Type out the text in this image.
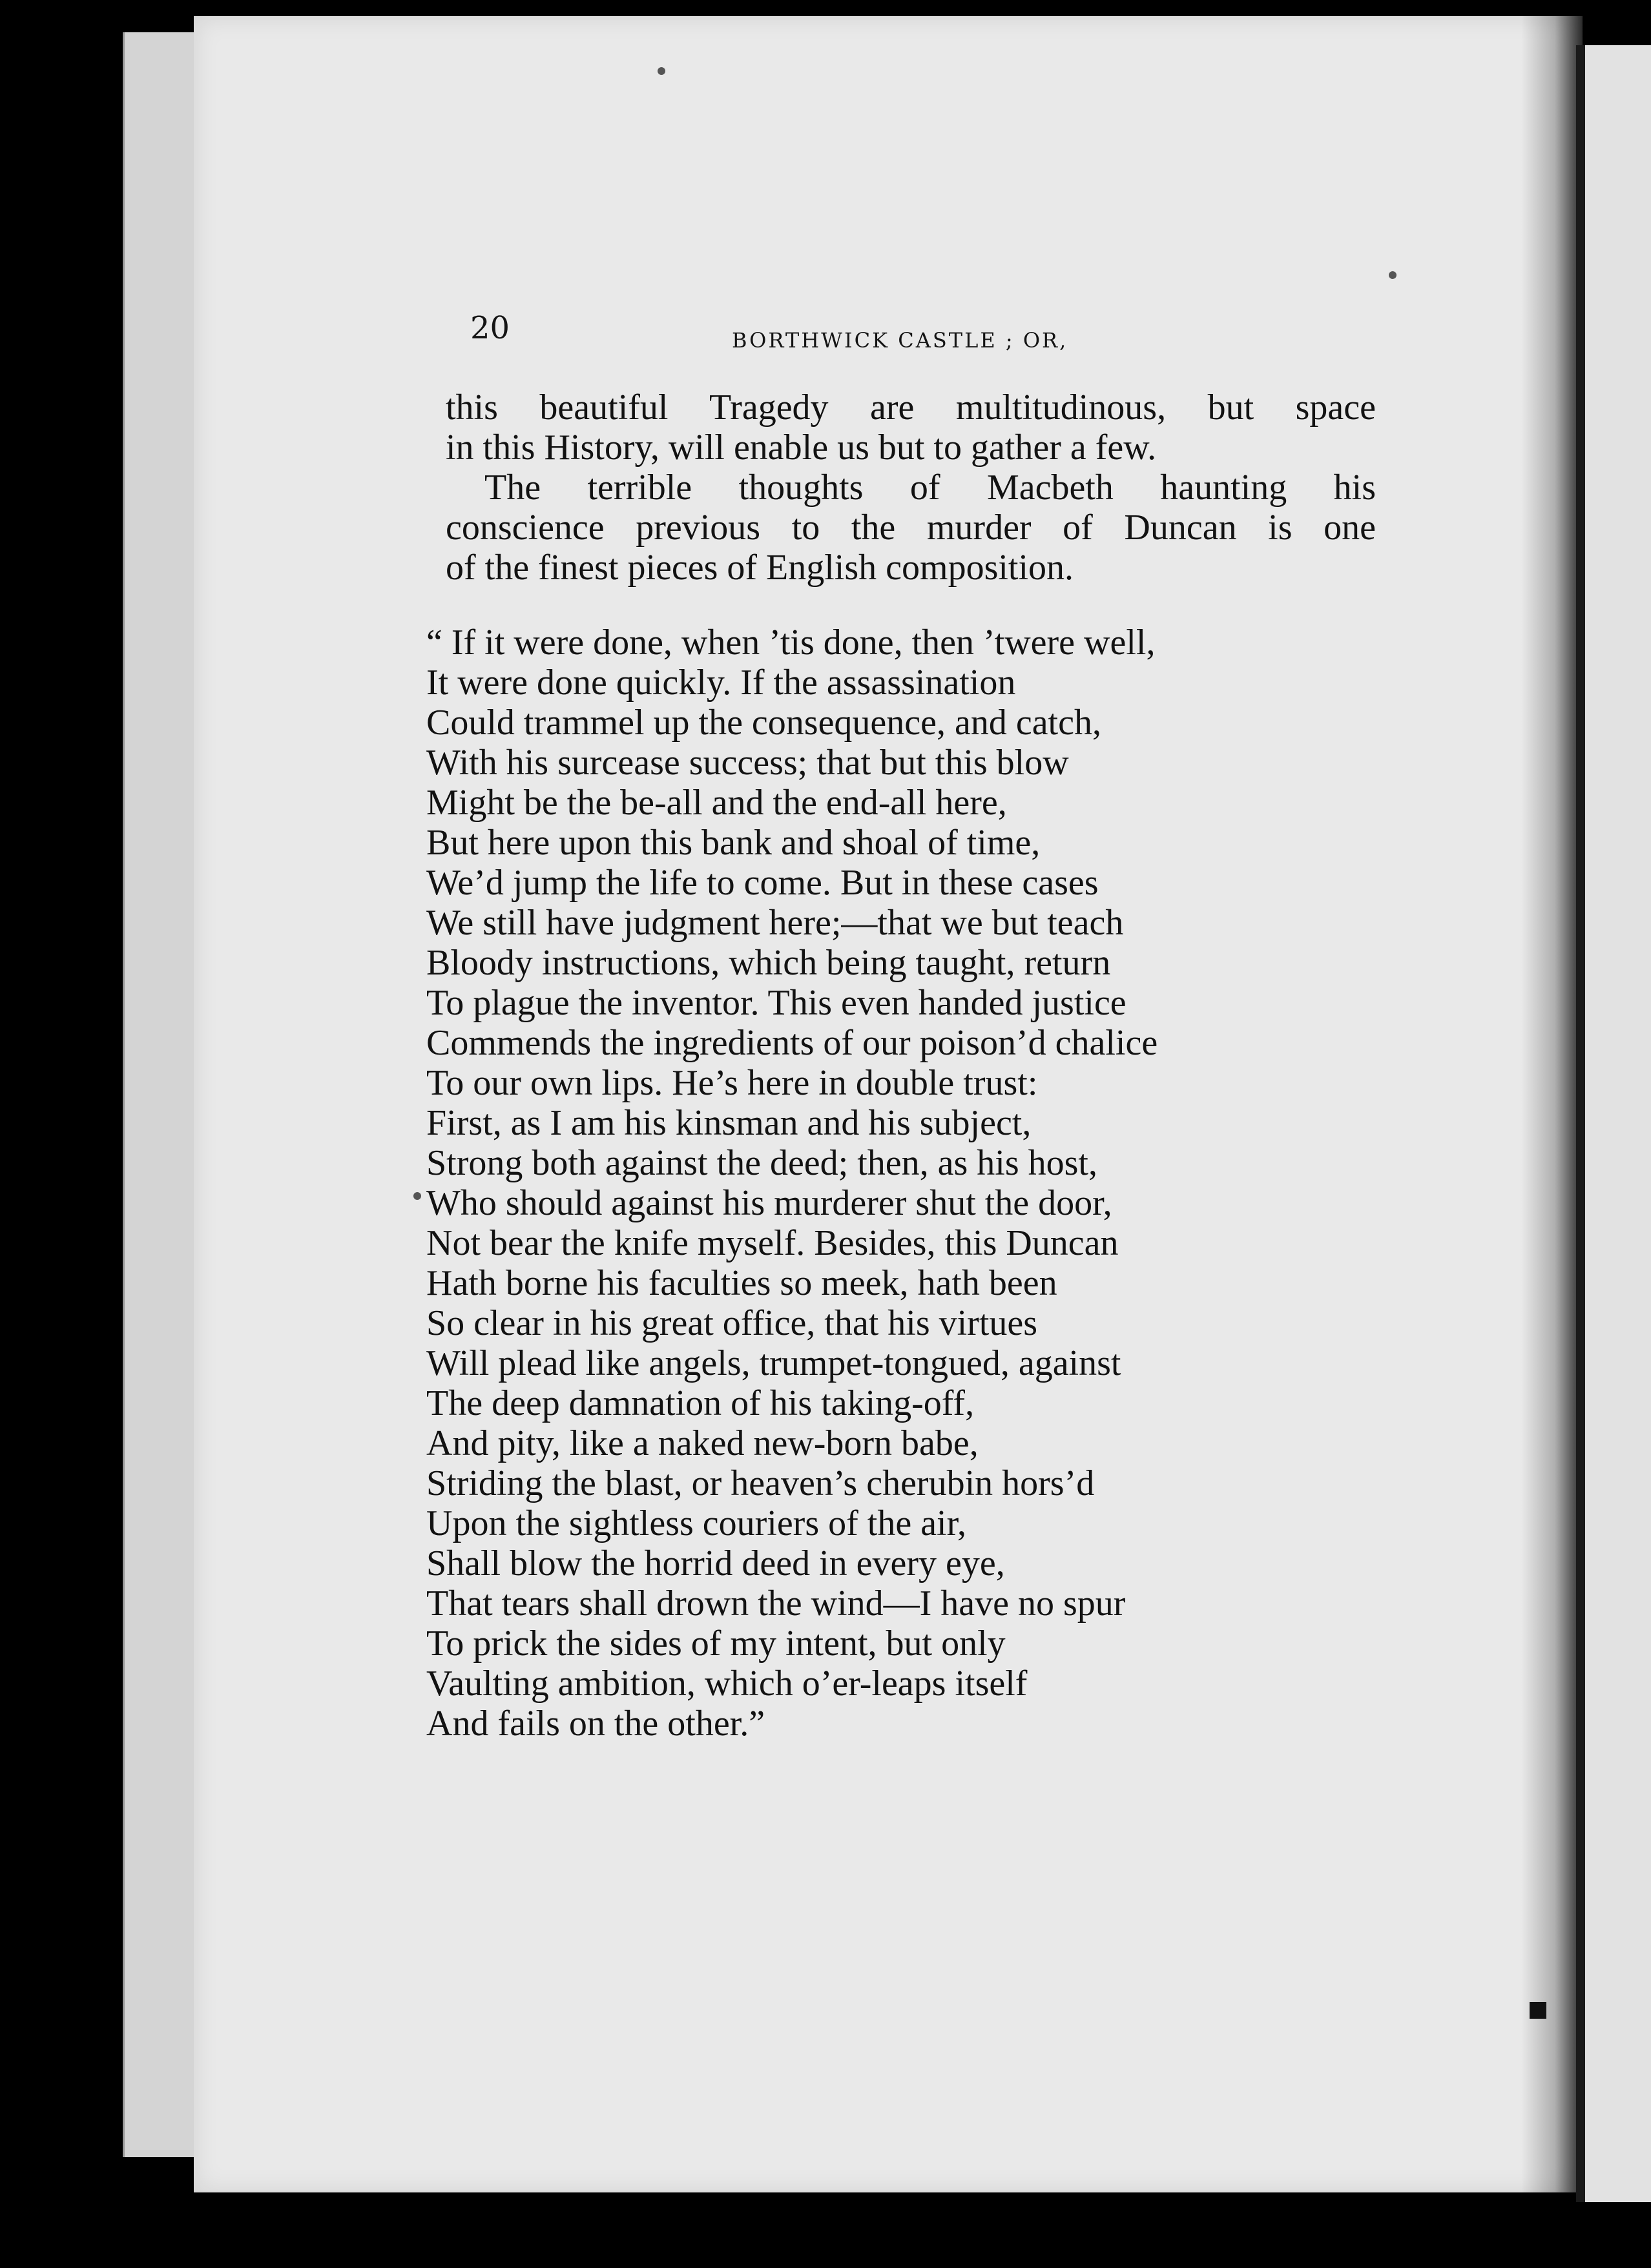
20	BORTHWICK CASTLE ; OR,
this beautiful Tragedy are multitudinous, but space
in this History, will enable us but to gather a few.
The terrible thoughts of Macbeth haunting his
conscience previous to the murder of Duncan is one
of the finest pieces of English composition.
“ If it were done, when ’tis done, then ’twere well,
It were done quickly. If the assassination
Could trammel up the consequence, and catch,
With his surcease success; that but this blow
Might be the be-all and the end-all here,
But here upon this bank and shoal of time,
We’d jump the life to come. But in these cases
We still have judgment here;—that we but teach
Bloody instructions, which being taught, return
To plague the inventor. This even handed justice
Commends the ingredients of our poison’d chalice
To our own lips. He’s here in double trust:
First, as I am his kinsman and his subject,
Strong both against the deed; then, as his host,
Who should against his murderer shut the door,
Not bear the knife myself. Besides, this Duncan
Hath borne his faculties so meek, hath been
So clear in his great office, that his virtues
Will plead like angels, trumpet-tongued, against
The deep damnation of his taking-off,
And pity, like a naked new-born babe,
Striding the blast, or heaven’s cherubin hors’d
Upon the sightless couriers of the air,
Shall blow the horrid deed in every eye,
That tears shall drown the wind—I have no spur
To prick the sides of my intent, but only
Vaulting ambition, which o’er-leaps itself
And fails on the other.”
